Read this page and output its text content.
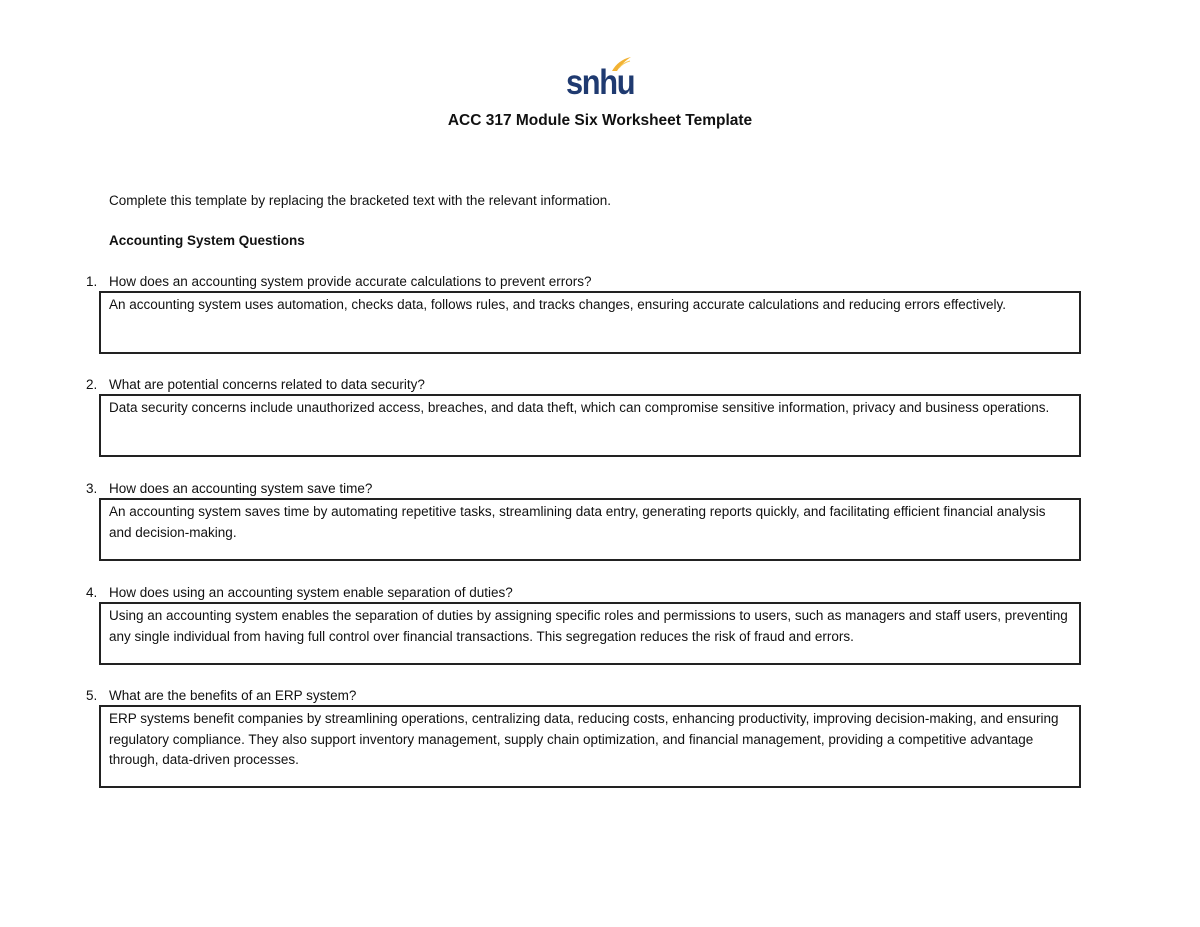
snhu
ACC 317 Module Six Worksheet Template
Complete this template by replacing the bracketed text with the relevant information.
Accounting System Questions
1. How does an accounting system provide accurate calculations to prevent errors?
An accounting system uses automation, checks data, follows rules, and tracks changes, ensuring accurate calculations and reducing errors effectively.
2. What are potential concerns related to data security?
Data security concerns include unauthorized access, breaches, and data theft, which can compromise sensitive information, privacy and business operations.
3. How does an accounting system save time?
An accounting system saves time by automating repetitive tasks, streamlining data entry, generating reports quickly, and facilitating efficient financial analysis and decision-making.
4. How does using an accounting system enable separation of duties?
Using an accounting system enables the separation of duties by assigning specific roles and permissions to users, such as managers and staff users, preventing any single individual from having full control over financial transactions. This segregation reduces the risk of fraud and errors.
5. What are the benefits of an ERP system?
ERP systems benefit companies by streamlining operations, centralizing data, reducing costs, enhancing productivity, improving decision-making, and ensuring regulatory compliance. They also support inventory management, supply chain optimization, and financial management, providing a competitive advantage through, data-driven processes.
